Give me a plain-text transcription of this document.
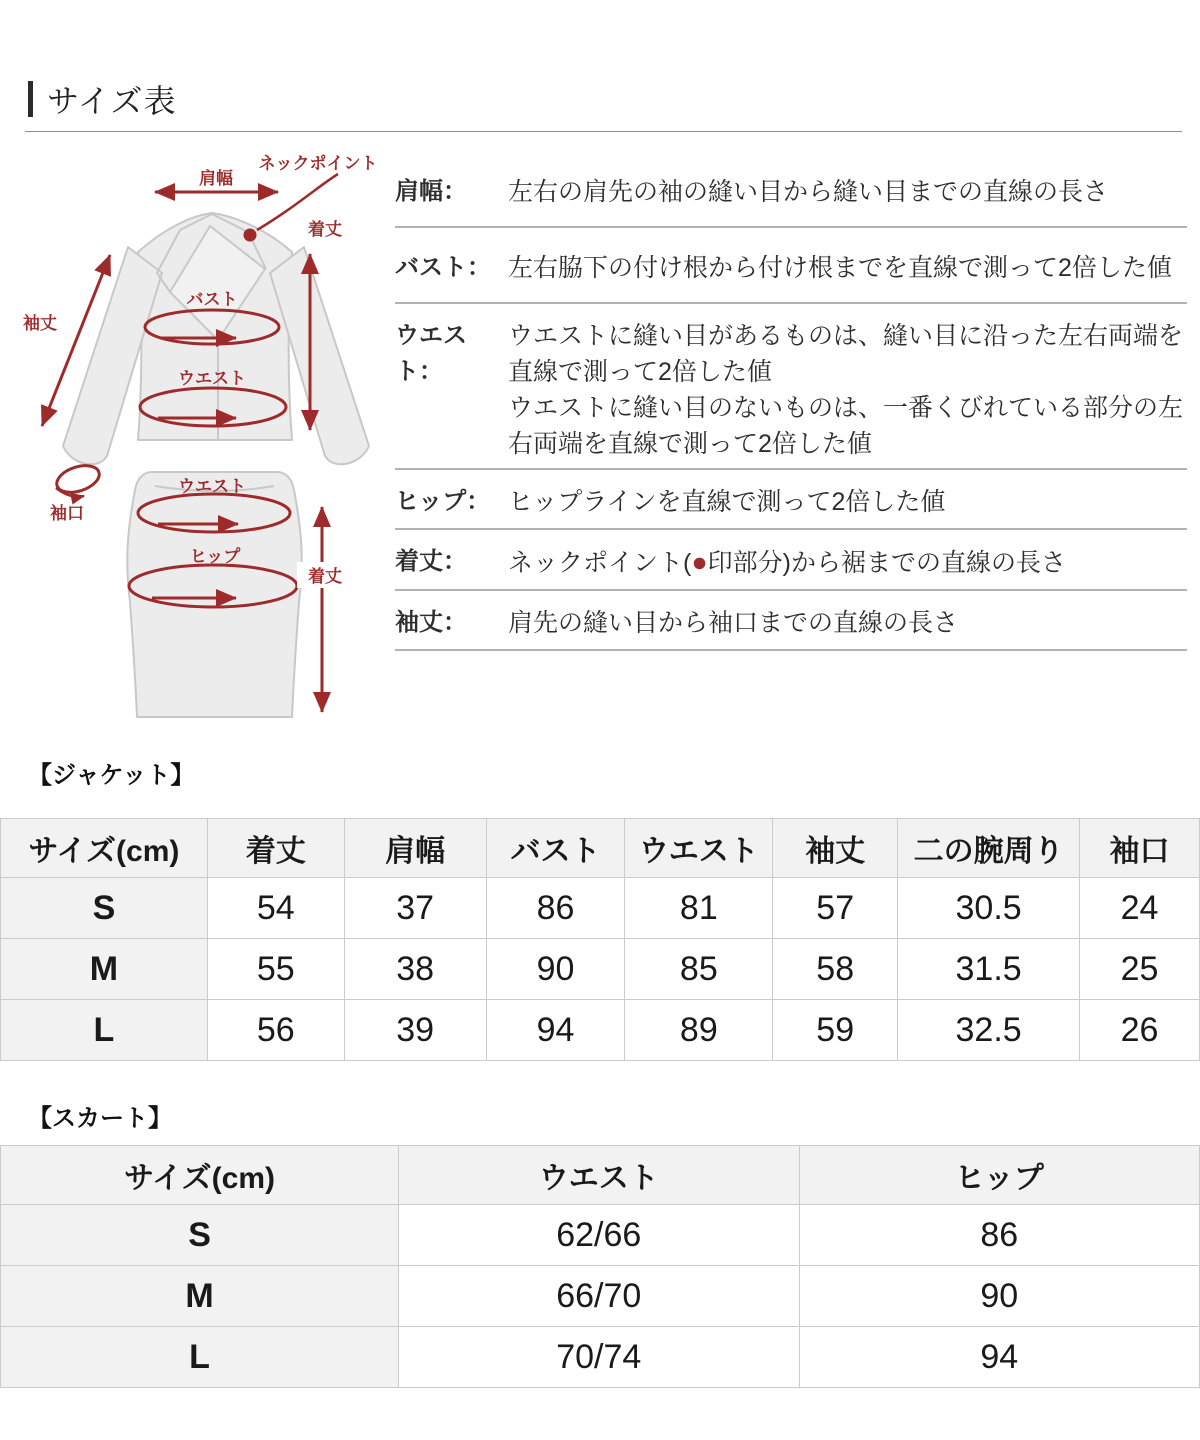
サイズ表
肩幅
ネックポイント
着丈
袖丈
袖口
バスト
ウエスト
ウエスト
ヒップ
着丈
肩幅：	左右の肩先の袖の縫い目から縫い目までの直線の長さ
バスト： 左右脇下の付け根から付け根までを直線で測って2倍した値
ウエスト：
ウエストに縫い目があるものは、縫い目に沿った左右両端を直線で測って2倍した値
ウエストに縫い目のないものは、一番くびれている部分の左右両端を直線で測って2倍した値
ヒップ： ヒップラインを直線で測って2倍した値
着丈：	ネックポイント(●印部分)から裾までの直線の長さ
袖丈：	肩先の縫い目から袖口までの直線の長さ
【ジャケット】
サイズ(cm)	着丈	肩幅	バスト	ウエスト	袖丈	二の腕周り	袖口
S	54	37	86	81	57	30.5	24
M	55	38	90	85	58	31.5	25
L	56	39	94	89	59	32.5	26
【スカート】
サイズ(cm)	ウエスト	ヒップ
S	62/66	86
M	66/70	90
L	70/74	94
